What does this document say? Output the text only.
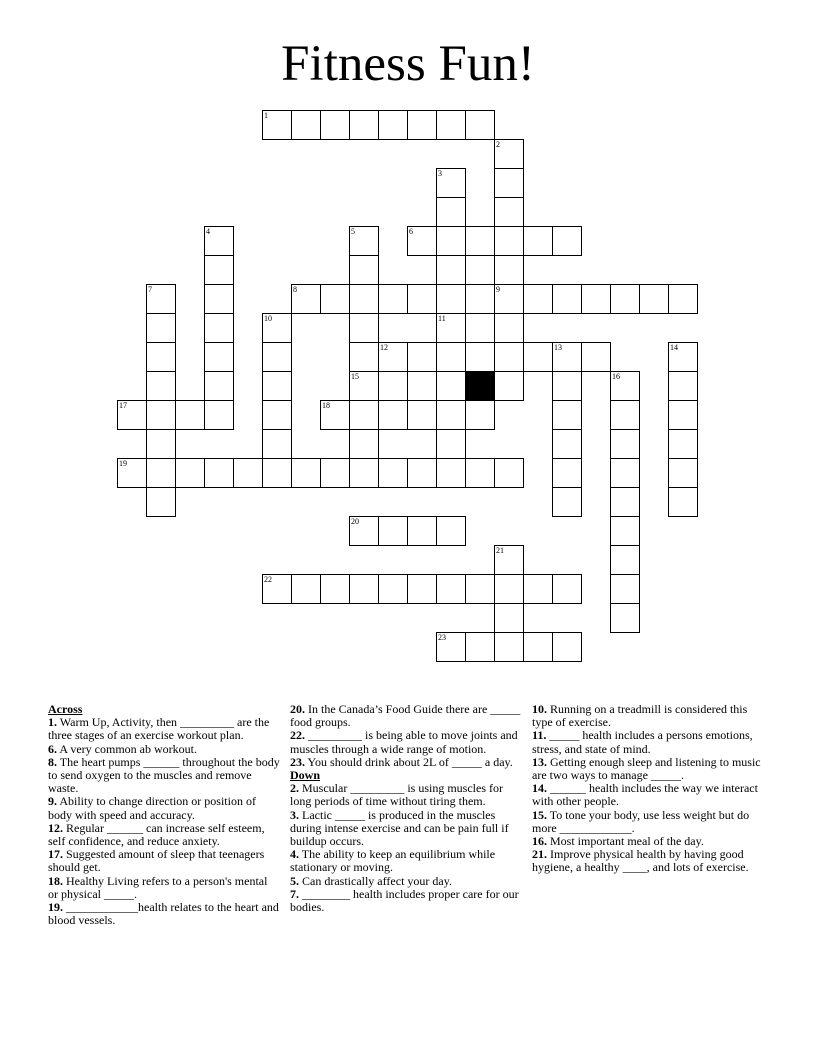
Fitness Fun!
1
2
9
3
6
4	5
7	8
10	11
12	13	14
15	16
17	18
19
20
21
22
23

Across

1. Warm Up, Activity, then _________ are the three stages of an exercise workout plan.

6. A very common ab workout.

8. The heart pumps ______ throughout the body to send oxygen to the muscles and remove waste.

9. Ability to change direction or position of body with speed and accuracy.

12. Regular ______ can increase self esteem, self confidence, and reduce anxiety.

17. Suggested amount of sleep that teenagers should get.

18. Healthy Living refers to a person's mental or physical _____.

19. ____________health relates to the heart and blood vessels.

20. In the Canada’s Food Guide there are _____ food groups.

22. _________ is being able to move joints and muscles through a wide range of motion.

23. You should drink about 2L of _____ a day.

Down

2. Muscular _________ is using muscles for long periods of time without tiring them.

3. Lactic _____ is produced in the muscles during intense exercise and can be pain full if buildup occurs.

4. The ability to keep an equilibrium while stationary or moving.

5. Can drastically affect your day.

7. ________ health includes proper care for our bodies.

10. Running on a treadmill is considered this type of exercise.

11. _____ health includes a persons emotions, stress, and state of mind.

13. Getting enough sleep and listening to music are two ways to manage _____.

14. ______ health includes the way we interact with other people.

15. To tone your body, use less weight but do more ____________.

16. Most important meal of the day.

21. Improve physical health by having good hygiene, a healthy ____, and lots of exercise.
